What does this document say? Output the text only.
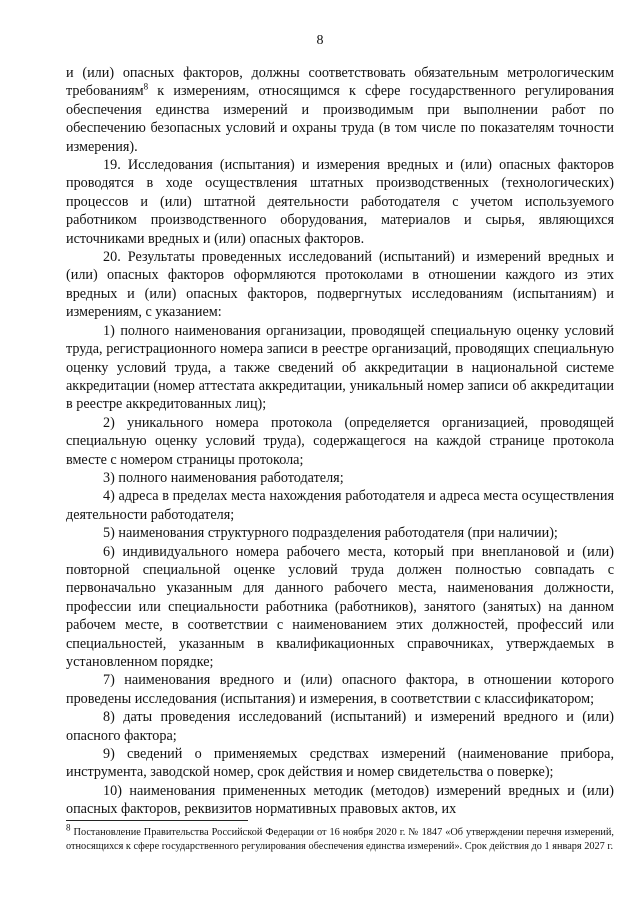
8

и (или) опасных факторов, должны соответствовать обязательным метрологическим требованиям$^8$ к измерениям, относящимся к сфере государственного регулирования обеспечения единства измерений и производимым при выполнении работ по обеспечению безопасных условий и охраны труда (в том числе по показателям точности измерения).

19. Исследования (испытания) и измерения вредных и (или) опасных факторов проводятся в ходе осуществления штатных производственных (технологических) процессов и (или) штатной деятельности работодателя с учетом используемого работником производственного оборудования, материалов и сырья, являющихся источниками вредных и (или) опасных факторов.

20. Результаты проведенных исследований (испытаний) и измерений вредных и (или) опасных факторов оформляются протоколами в отношении каждого из этих вредных и (или) опасных факторов, подвергнутых исследованиям (испытаниям) и измерениям, с указанием:

1) полного наименования организации, проводящей специальную оценку условий труда, регистрационного номера записи в реестре организаций, проводящих специальную оценку условий труда, а также сведений об аккредитации в национальной системе аккредитации (номер аттестата аккредитации, уникальный номер записи об аккредитации в реестре аккредитованных лиц);

2) уникального номера протокола (определяется организацией, проводящей специальную оценку условий труда), содержащегося на каждой странице протокола вместе с номером страницы протокола;

3) полного наименования работодателя;

4) адреса в пределах места нахождения работодателя и адреса места осуществления деятельности работодателя;

5) наименования структурного подразделения работодателя (при наличии);

6) индивидуального номера рабочего места, который при внеплановой и (или) повторной специальной оценке условий труда должен полностью совпадать с первоначально указанным для данного рабочего места, наименования должности, профессии или специальности работника (работников), занятого (занятых) на данном рабочем месте, в соответствии с наименованием этих должностей, профессий или специальностей, указанным в квалификационных справочниках, утверждаемых в установленном порядке;

7) наименования вредного и (или) опасного фактора, в отношении которого проведены исследования (испытания) и измерения, в соответствии с классификатором;

8) даты проведения исследований (испытаний) и измерений вредного и (или) опасного фактора;

9) сведений о применяемых средствах измерений (наименование прибора, инструмента, заводской номер, срок действия и номер свидетельства о поверке);

10) наименования примененных методик (методов) измерений вредных и (или) опасных факторов, реквизитов нормативных правовых актов, их

$^8$ Постановление Правительства Российской Федерации от 16 ноября 2020 г. № 1847 «Об утверждении перечня измерений, относящихся к сфере государственного регулирования обеспечения единства измерений». Срок действия до 1 января 2027 г.
